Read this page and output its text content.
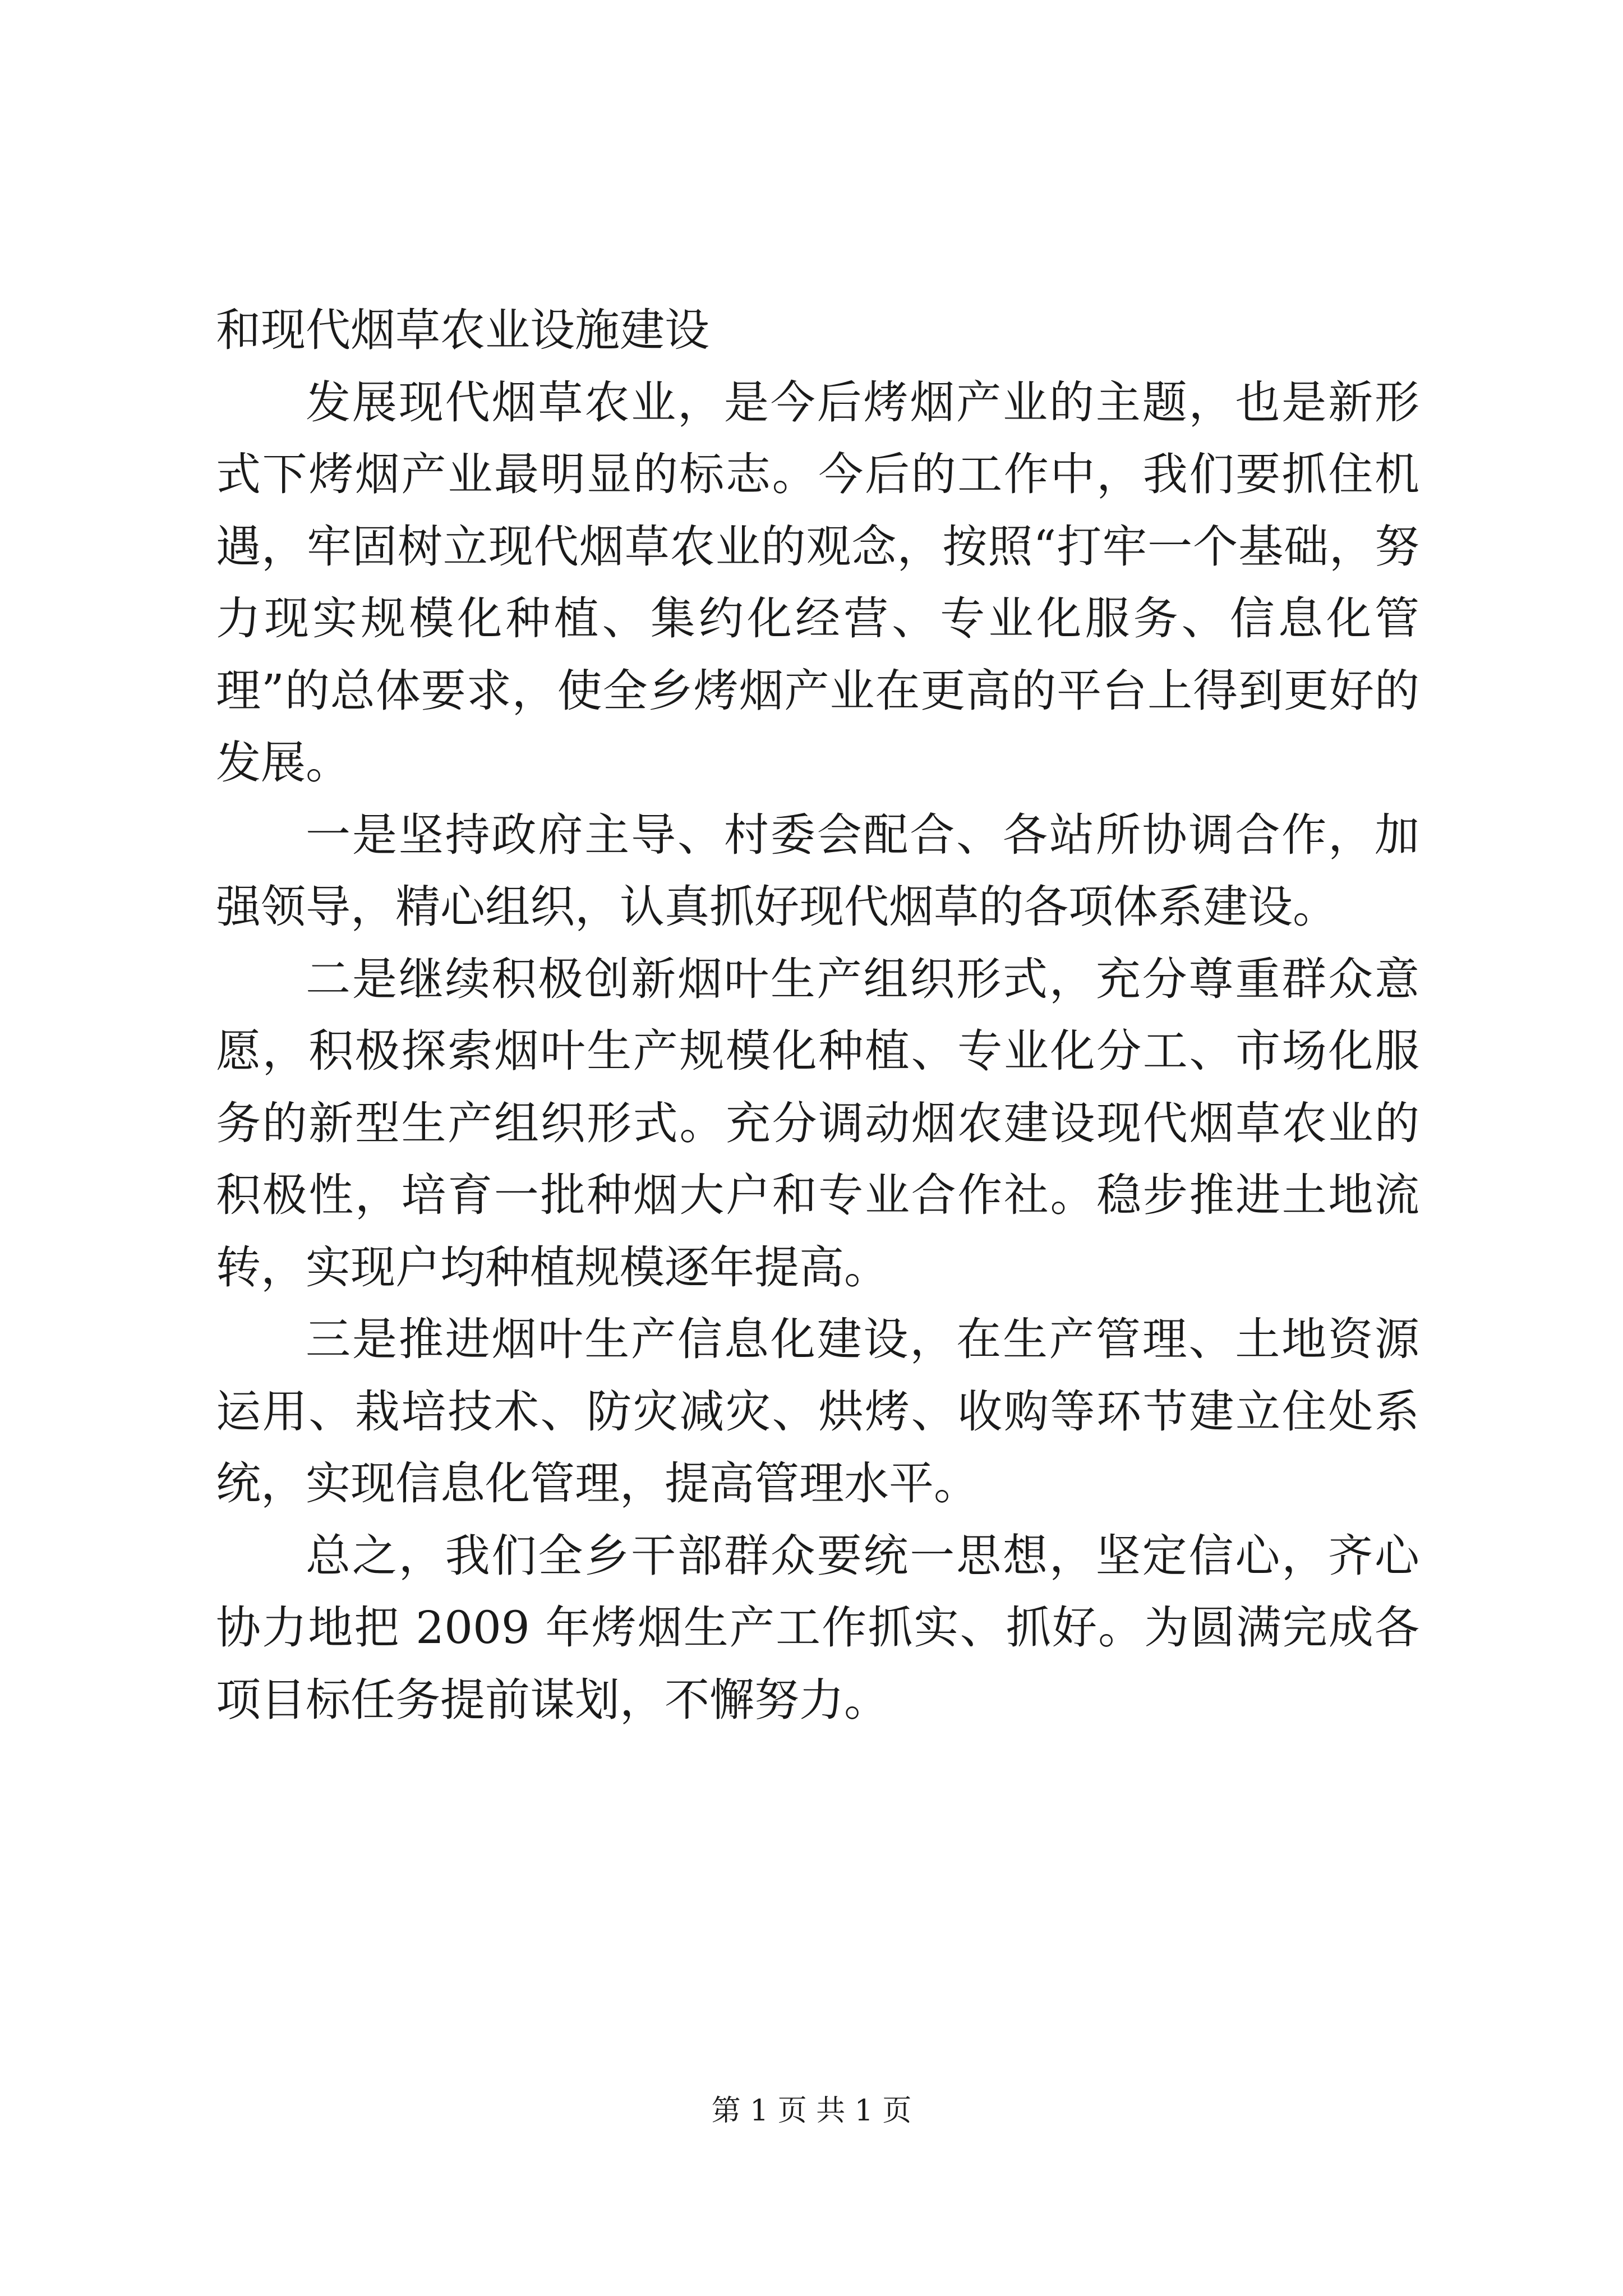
和现代烟草农业设施建设

发展现代烟草农业，是今后烤烟产业的主题，也是新形式下烤烟产业最明显的标志。今后的工作中，我们要抓住机遇，牢固树立现代烟草农业的观念，按照“打牢一个基础，努力现实规模化种植、集约化经营、专业化服务、信息化管理”的总体要求，使全乡烤烟产业在更高的平台上得到更好的发展。

一是坚持政府主导、村委会配合、各站所协调合作，加强领导，精心组织，认真抓好现代烟草的各项体系建设。

二是继续积极创新烟叶生产组织形式，充分尊重群众意愿，积极探索烟叶生产规模化种植、专业化分工、市场化服务的新型生产组织形式。充分调动烟农建设现代烟草农业的积极性，培育一批种烟大户和专业合作社。稳步推进土地流转，实现户均种植规模逐年提高。

三是推进烟叶生产信息化建设，在生产管理、土地资源运用、栽培技术、防灾减灾、烘烤、收购等环节建立住处系统，实现信息化管理，提高管理水平。

总之，我们全乡干部群众要统一思想，坚定信心，齐心协力地把 2009 年烤烟生产工作抓实、抓好。为圆满完成各项目标任务提前谋划，不懈努力。

第 1 页 共 1 页
